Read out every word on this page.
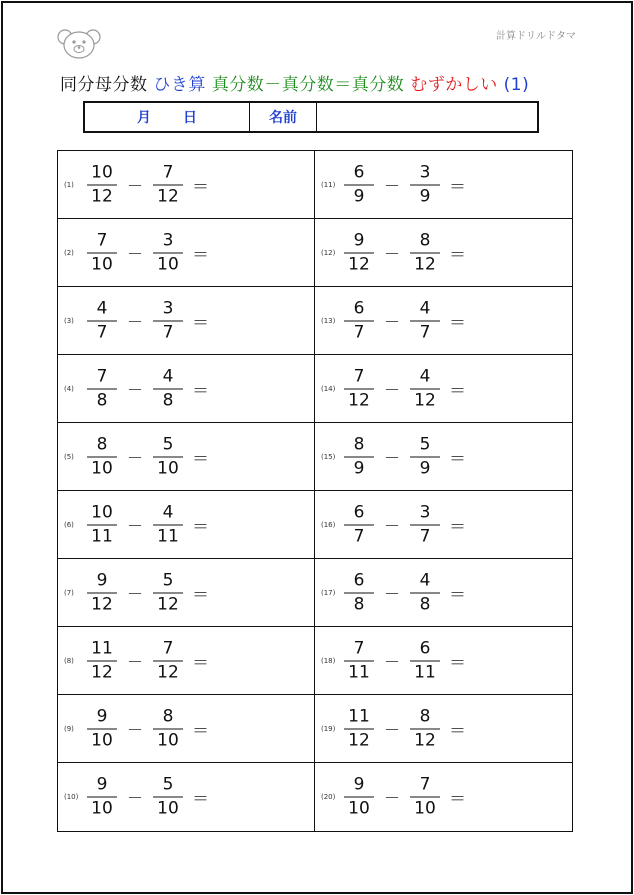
計算ドリルドタマ
同分母分数 ひき算 真分数－真分数＝真分数 むずかしい (1)
月 日	名前
$(1) \frac{10}{12} - \frac{7}{12}$ ＝	$(11) \frac{6}{9} - \frac{3}{9}$ ＝
$(2) \frac{7}{10} - \frac{3}{10}$ ＝	$(12) \frac{9}{12} - \frac{8}{12}$ ＝
$(3) \frac{4}{7} - \frac{3}{7}$ ＝	$(13) \frac{6}{7} - \frac{4}{7}$ ＝
$(4) \frac{7}{8} - \frac{4}{8}$ ＝	$(14) \frac{7}{12} - \frac{4}{12}$ ＝
$(5) \frac{8}{10} - \frac{5}{10}$ ＝	$(15) \frac{8}{9} - \frac{5}{9}$ ＝
$(6) \frac{10}{11} - \frac{4}{11}$ ＝	$(16) \frac{6}{7} - \frac{3}{7}$ ＝
$(7) \frac{9}{12} - \frac{5}{12}$ ＝	$(17) \frac{6}{8} - \frac{4}{8}$ ＝
$(8) \frac{11}{12} - \frac{7}{12}$ ＝	$(18) \frac{7}{11} - \frac{6}{11}$ ＝
$(9) \frac{9}{10} - \frac{8}{10}$ ＝	$(19) \frac{11}{12} - \frac{8}{12}$ ＝
$(10) \frac{9}{10} - \frac{5}{10}$ ＝	$(20) \frac{9}{10} - \frac{7}{10}$ ＝
